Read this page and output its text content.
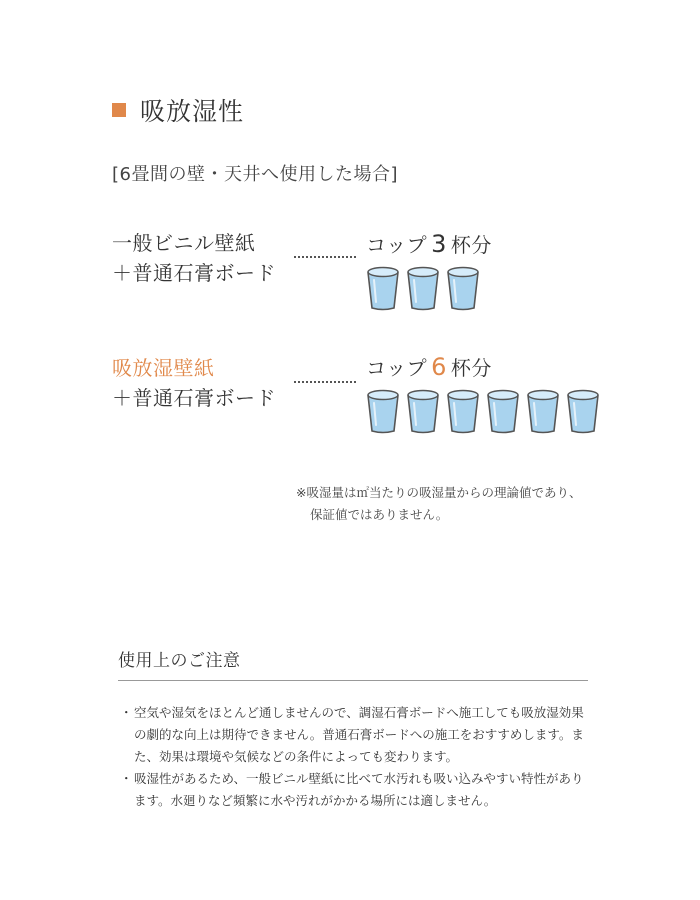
吸放湿性
[6畳間の壁・天井へ使用した場合]
一般ビニル壁紙
＋普通石膏ボード
コップ 3 杯分
吸放湿壁紙
＋普通石膏ボード
コップ 6 杯分
※吸湿量は㎡当たりの吸湿量からの理論値であり、
保証値ではありません。
使用上のご注意
・ 空気や湿気をほとんど通しませんので、調湿石膏ボードへ施工しても吸放湿効果の劇的な向上は期待できません。普通石膏ボードへの施工をおすすめします。また、効果は環境や気候などの条件によっても変わります。
・ 吸湿性があるため、一般ビニル壁紙に比べて水汚れも吸い込みやすい特性があります。水廻りなど頻繁に水や汚れがかかる場所には適しません。
